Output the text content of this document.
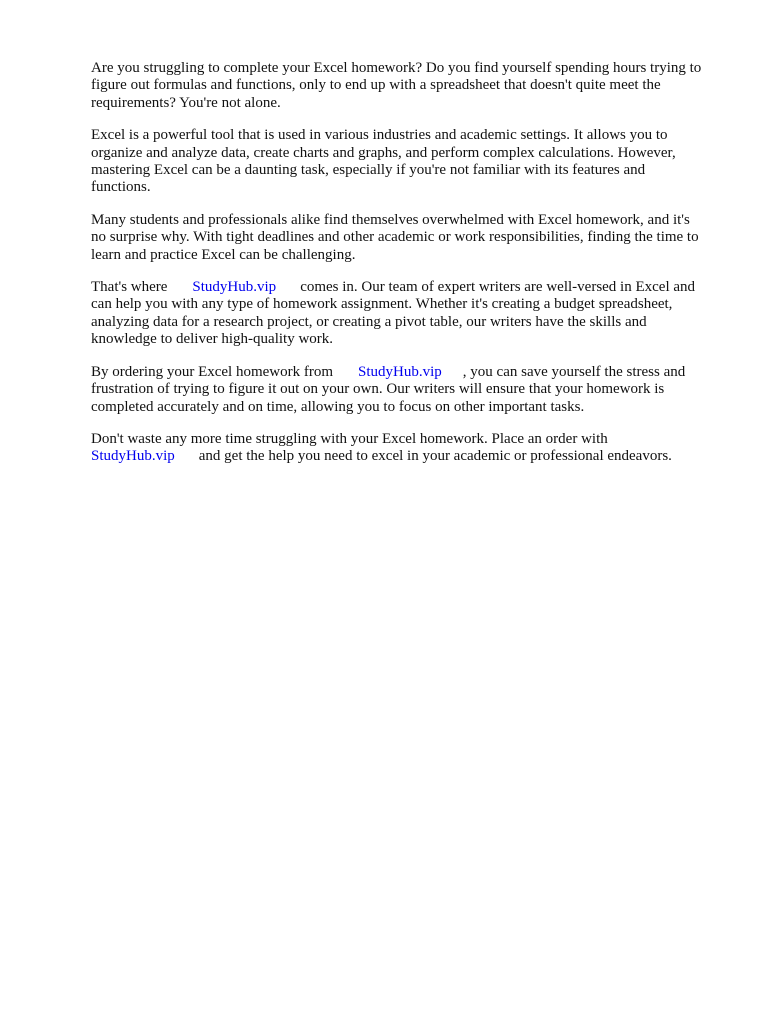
Are you struggling to complete your Excel homework? Do you find yourself spending hours trying to
figure out formulas and functions, only to end up with a spreadsheet that doesn't quite meet the
requirements? You're not alone.

Excel is a powerful tool that is used in various industries and academic settings. It allows you to
organize and analyze data, create charts and graphs, and perform complex calculations. However,
mastering Excel can be a daunting task, especially if you're not familiar with its features and
functions.

Many students and professionals alike find themselves overwhelmed with Excel homework, and it's
no surprise why. With tight deadlines and other academic or work responsibilities, finding the time to
learn and practice Excel can be challenging.

That's where StudyHub.vip comes in. Our team of expert writers are well-versed in Excel and
can help you with any type of homework assignment. Whether it's creating a budget spreadsheet,
analyzing data for a research project, or creating a pivot table, our writers have the skills and
knowledge to deliver high-quality work.

By ordering your Excel homework from StudyHub.vip , you can save yourself the stress and
frustration of trying to figure it out on your own. Our writers will ensure that your homework is
completed accurately and on time, allowing you to focus on other important tasks.

Don't waste any more time struggling with your Excel homework. Place an order with
StudyHub.vip and get the help you need to excel in your academic or professional endeavors.
